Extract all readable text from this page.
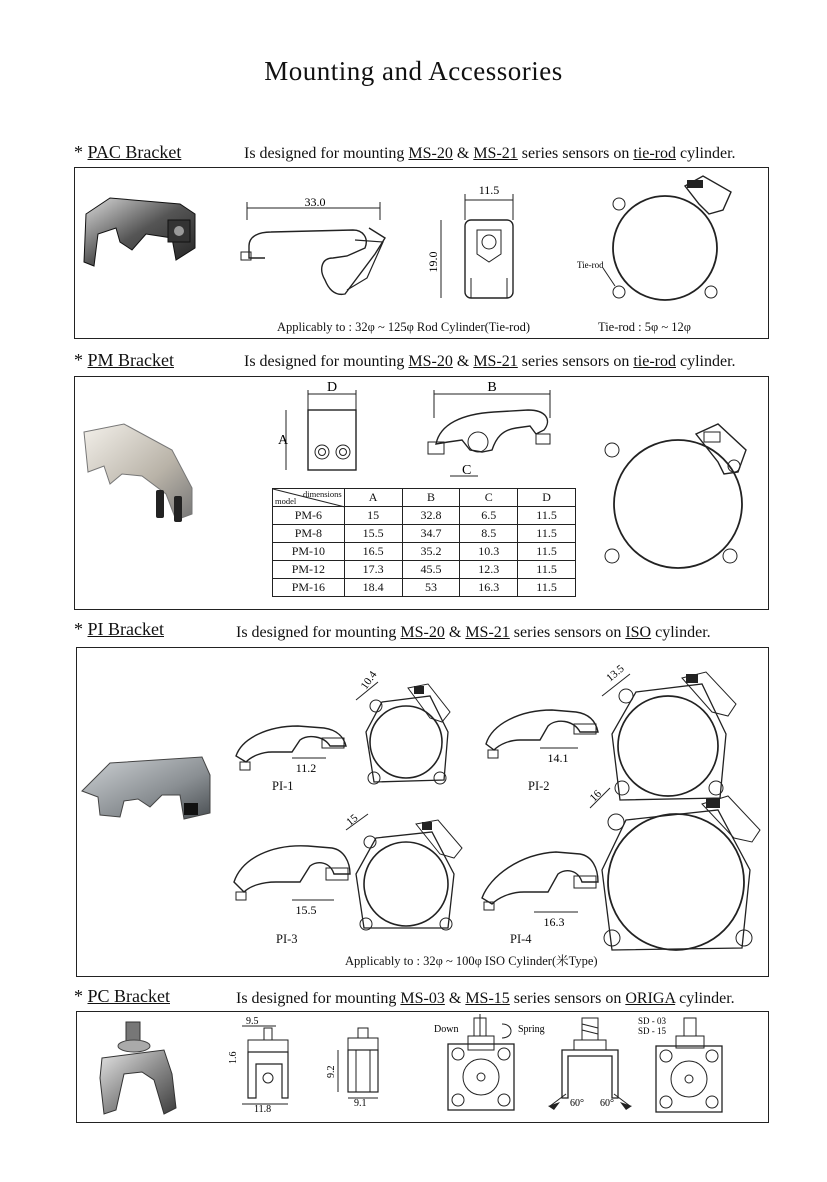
Mounting and Accessories
* PAC Bracket	Is designed for mounting MS-20 & MS-21 series sensors on tie-rod cylinder.
33.0
11.5
19.0	Tie-rod
Applicably to : 32φ ~ 125φ Rod Cylinder(Tie-rod)	Tie-rod : 5φ ~ 12φ
* PM Bracket	Is designed for mounting MS-20 & MS-21 series sensors on tie-rod cylinder.
D
A
B
C
dimensions
model	A	B	C	D
PM-6	15	32.8	6.5	11.5
PM-8	15.5	34.7	8.5	11.5
PM-10	16.5	35.2	10.3	11.5
PM-12	17.3	45.5	12.3	11.5
PM-16	18.4	53	16.3	11.5
* PI Bracket	Is designed for mounting MS-20 & MS-21 series sensors on ISO cylinder.
11.2
PI-1
10.4
14.1
PI-2
13.5
15.5
PI-3
15
16.3
PI-4
16
Applicably to : 32φ ~ 100φ ISO Cylinder(米Type)
* PC Bracket	Is designed for mounting MS-03 & MS-15 series sensors on ORIGA cylinder.
9.5
1.6
11.8
9.2
9.1
Down	Spring
60° 60°
SD - 03
SD - 15
